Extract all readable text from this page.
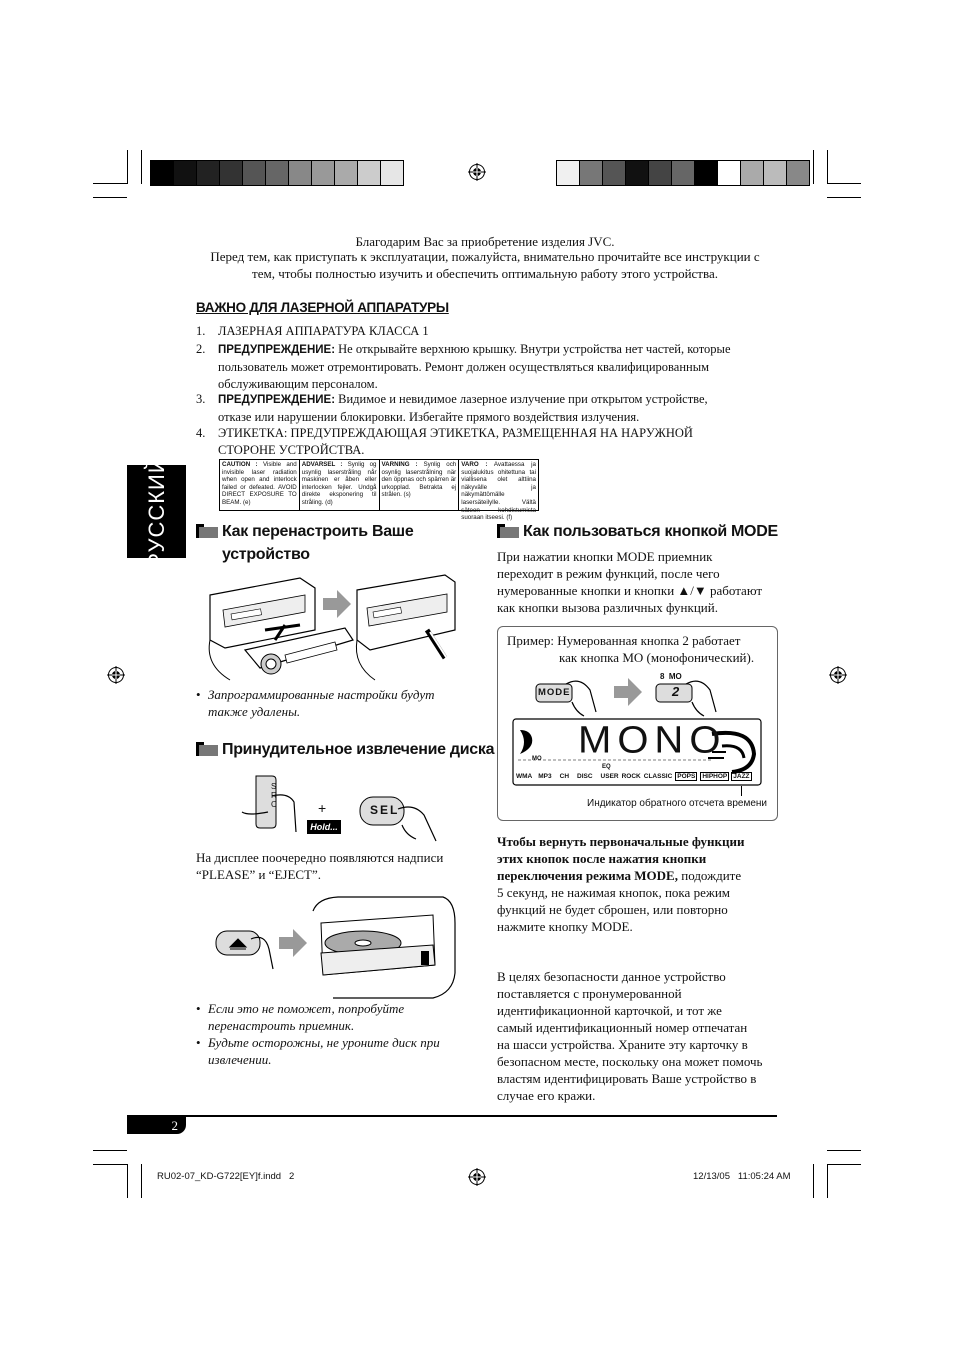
Благодарим Вас за приобретение изделия JVC.
Перед тем, как приступать к эксплуатации, пожалуйста, внимательно прочитайте все инструкции с
тем, чтобы полностью изучить и обеспечить оптимальную работу этого устройства.
ВАЖНО ДЛЯ ЛАЗЕРНОЙ АППАРАТУРЫ
1. ЛАЗЕРНАЯ АППАРАТУРА КЛАССА 1
2. ПРЕДУПРЕЖДЕНИЕ: Не открывайте верхнюю крышку. Внутри устройства нет частей, которые
пользователь может отремонтировать. Ремонт должен осуществляться квалифицированным
обслуживающим персоналом.
3. ПРЕДУПРЕЖДЕНИЕ: Видимое и невидимое лазерное излучение при открытом устройстве,
отказе или нарушении блокировки. Избегайте прямого воздействия излучения.
4. ЭТИКЕТКА: ПРЕДУПРЕЖДАЮЩАЯ ЭТИКЕТКА, РАЗМЕЩЕННАЯ НА НАРУЖНОЙ
СТОРОНЕ УСТРОЙСТВА.
CAUTION : Visible and invisible laser radiation when open and interlock failed or defeated. AVOID DIRECT EXPOSURE TO BEAM. (e)
ADVARSEL : Synlig og usynlig laserstråling når maskinen er åben eller interlocken fejler. Undgå direkte eksponering til stråling. (d)
VARNING : Synlig och osynlig laserstrålning när den öppnas och spärren är urkopplad. Betrakta ej strålen. (s)
VARO : Avattaessa ja suojalukitus ohitettuna tai viallisena olet alttiina näkyvälle ja näkymättömälle lasersäteilylle. Vältä säteen kohdistumista suoraan itseesi. (f)
РУССКИЙ	Как перенастроить Ваше
устройство
• Запрограммированные настройки будут
также удалены.
Принудительное извлечение диска
SRC	+
Hold...
SEL
На дисплее поочередно появляются надписи
“PLEASE” и “EJECT”.
• Если это не поможет, попробуйте
перенастроить приемник.
• Будьте осторожны, не уроните диск при
извлечении.
Как пользоваться кнопкой MODE
При нажатии кнопки MODE приемник
переходит в режим функций, после чего
нумерованные кнопки и кнопки ▲/▼ работают
как кнопки вызова различных функций.
Пример: Нумерованная кнопка 2 работает
как кнопка MO (монофонический).
MODE
8  MO
2
MONO
MO
EQ
WMA MP3 CH DISC USER ROCK CLASSIC POPS	HIPHOP JAZZ
Индикатор обратного отсчета времени
Чтобы вернуть первоначальные функции
этих кнопок после нажатия кнопки
переключения режима MODE, подождите
5 секунд, не нажимая кнопок, пока режим
функций не будет сброшен, или повторно
нажмите кнопку MODE.
В целях безопасности данное устройство
поставляется с пронумерованной
идентификационной карточкой, и тот же
самый идентификационный номер отпечатан
на шасси устройства. Храните эту карточку в
безопасном месте, поскольку она может помочь
властям идентифицировать Ваше устройство в
случае его кражи.
2
RU02-07_KD-G722[EY]f.indd   2	12/13/05   11:05:24 AM
